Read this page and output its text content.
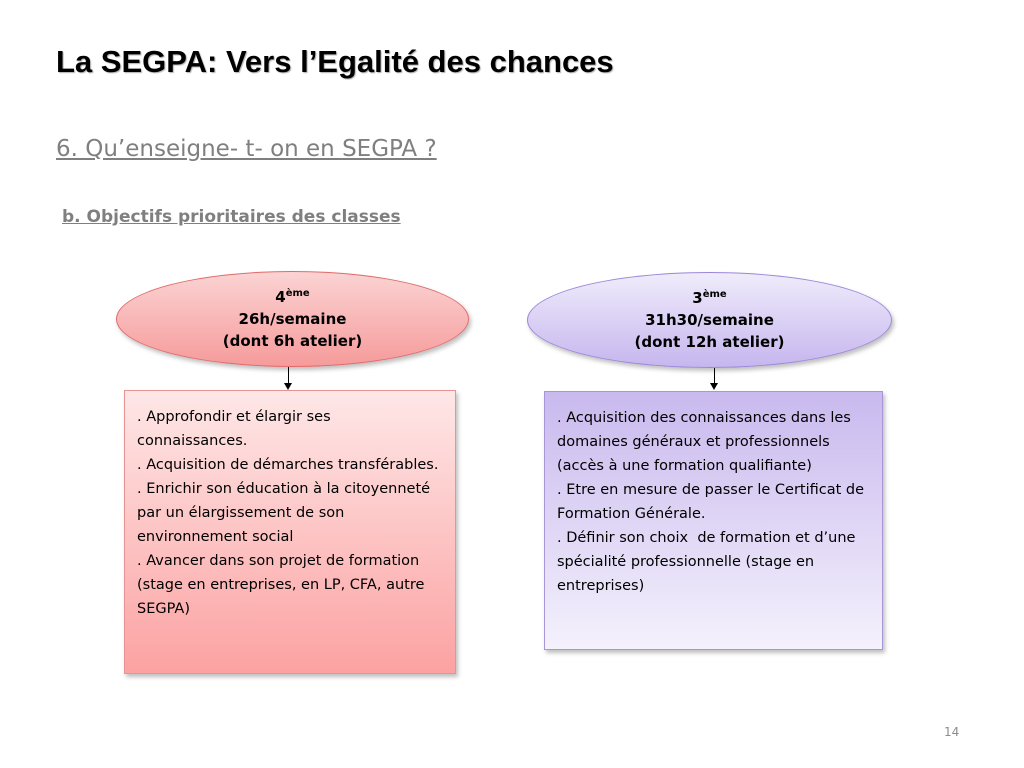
La SEGPA: Vers l’Egalité des chances
6. Qu’enseigne- t- on en SEGPA ?
b. Objectifs prioritaires des classes
4ème
26h/semaine
(dont 6h atelier)
3ème
31h30/semaine
(dont 12h atelier)
. Approfondir et élargir ses connaissances.
. Acquisition de démarches transférables.
. Enrichir son éducation à la citoyenneté par un élargissement de son environnement social
. Avancer dans son projet de formation (stage en entreprises, en LP, CFA, autre SEGPA)
. Acquisition des connaissances dans les domaines généraux et professionnels (accès à une formation qualifiante)
. Etre en mesure de passer le Certificat de Formation Générale.
. Définir son choix  de formation et d’une spécialité professionnelle (stage en entreprises)
14
